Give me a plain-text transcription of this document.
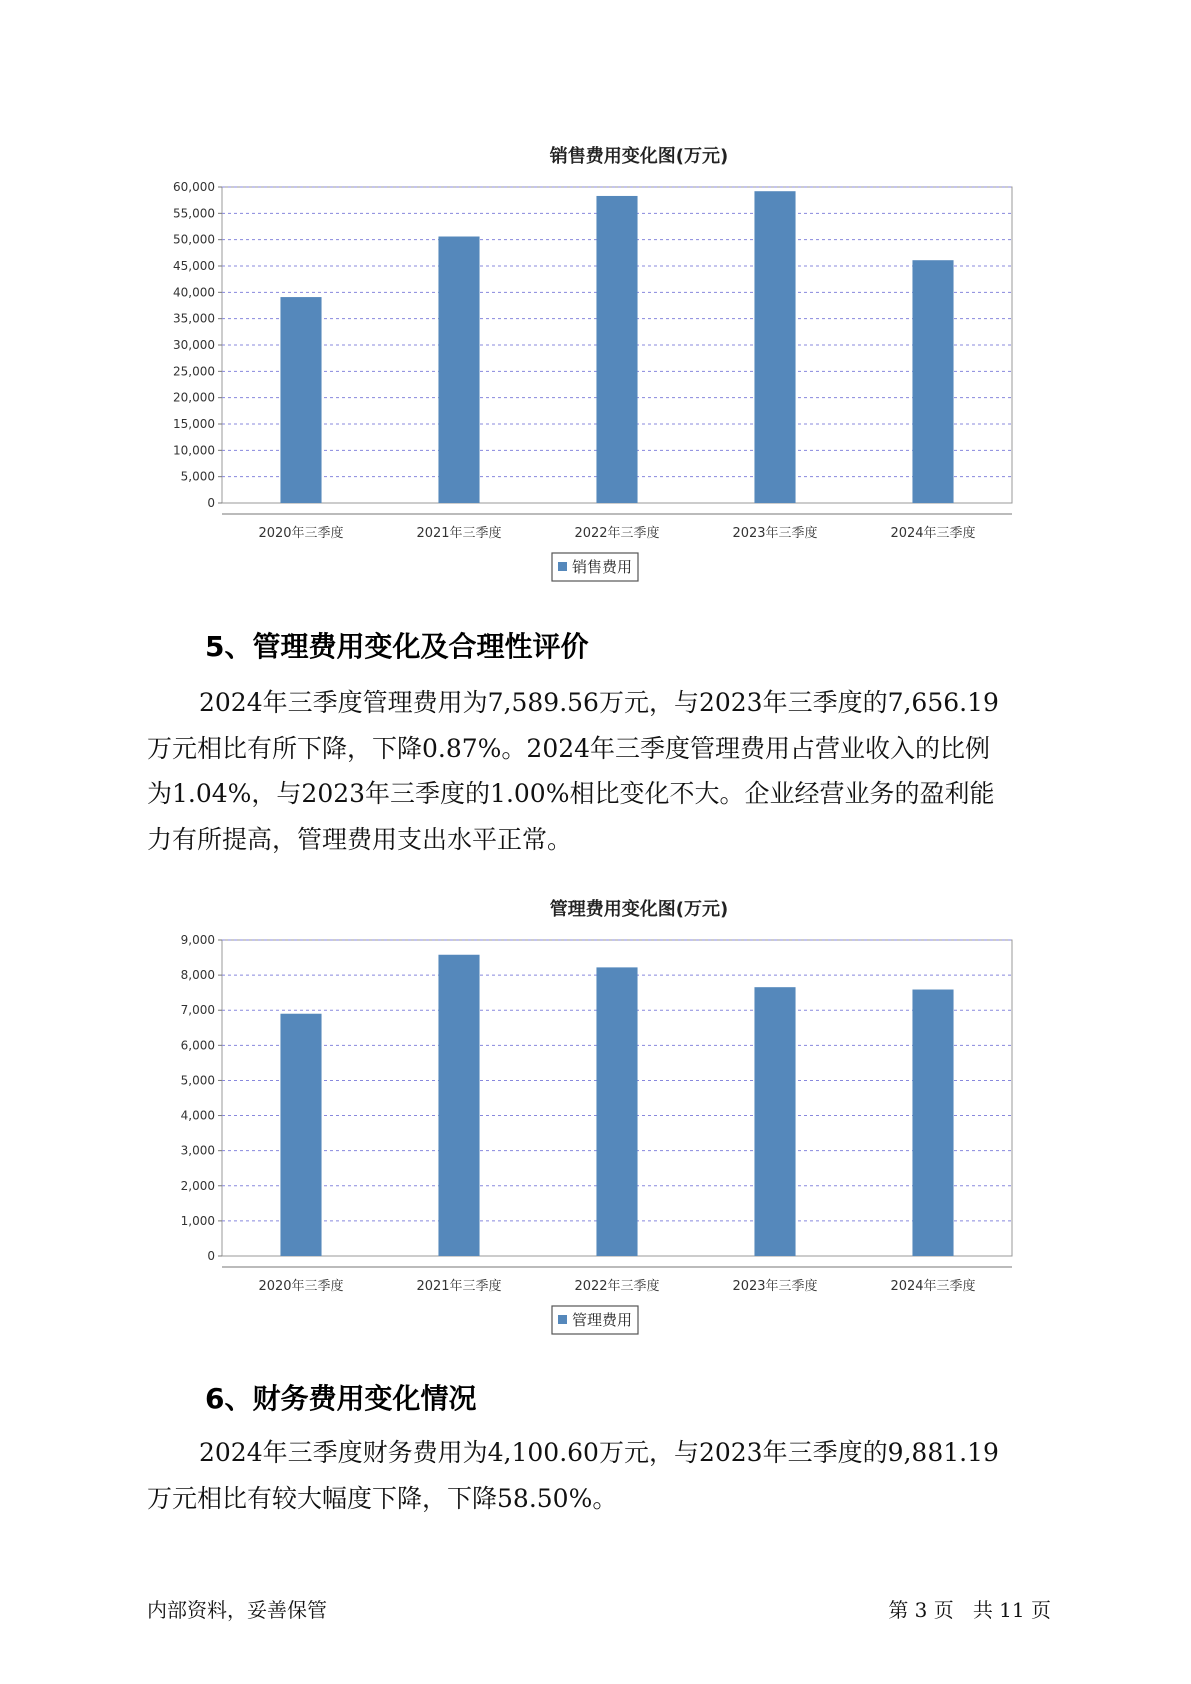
销售费用变化图(万元)
0
5,000
10,000
15,000
20,000
25,000
30,000
35,000
40,000
45,000
50,000
55,000
60,000
2020年三季度	2021年三季度	2022年三季度	2023年三季度	2024年三季度
销售费用
5、管理费用变化及合理性评价
2024年三季度管理费用为7,589.56万元，与2023年三季度的7,656.19
万元相比有所下降，下降0.87%。2024年三季度管理费用占营业收入的比例
为1.04%，与2023年三季度的1.00%相比变化不大。企业经营业务的盈利能
力有所提高，管理费用支出水平正常。
管理费用变化图(万元)
0
1,000
2,000
3,000
4,000
5,000
6,000
7,000
8,000
9,000
2020年三季度	2021年三季度	2022年三季度	2023年三季度	2024年三季度
管理费用
6、财务费用变化情况
2024年三季度财务费用为4,100.60万元，与2023年三季度的9,881.19
万元相比有较大幅度下降，下降58.50%。
内部资料，妥善保管	第 3 页   共 11 页
